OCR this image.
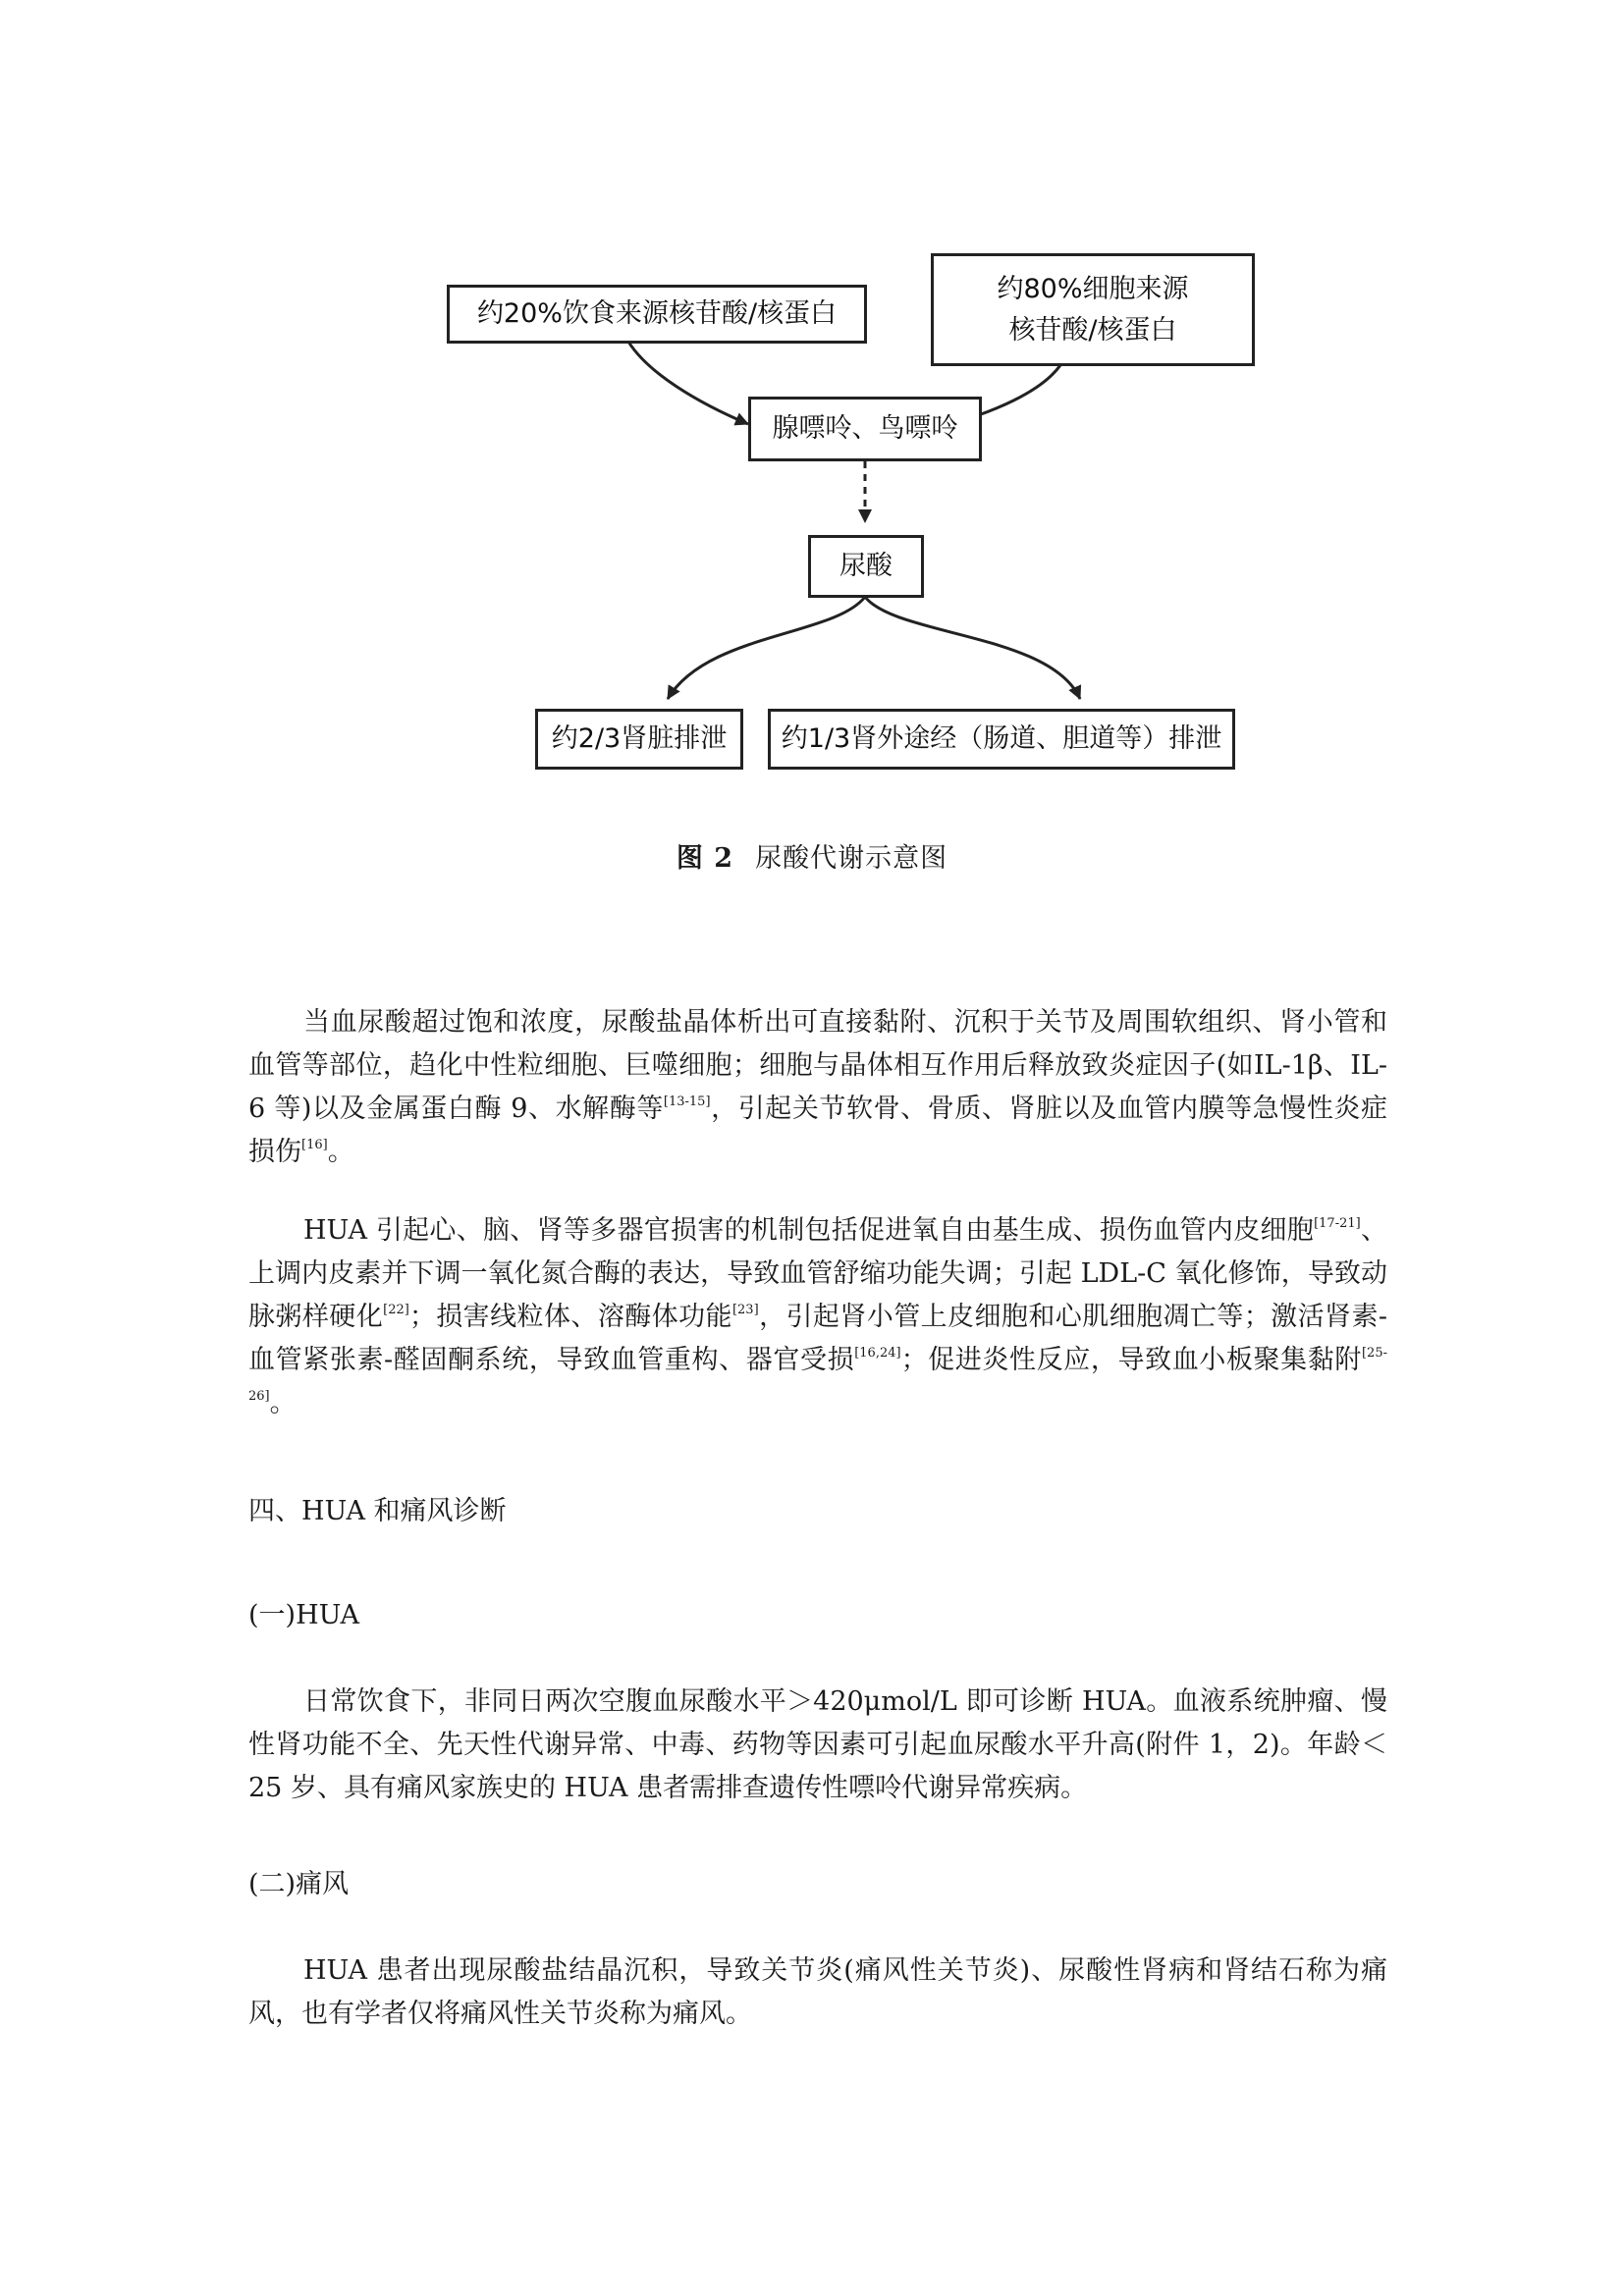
约20%饮食来源核苷酸/核蛋白
约80%细胞来源
核苷酸/核蛋白
腺嘌呤、鸟嘌呤
尿酸
约2/3肾脏排泄 约1/3肾外途经（肠道、胆道等）排泄
图 2 尿酸代谢示意图

当血尿酸超过饱和浓度，尿酸盐晶体析出可直接黏附、沉积于关节及周围软组织、肾小管和血管等部位，趋化中性粒细胞、巨噬细胞；细胞与晶体相互作用后释放致炎症因子(如IL-1β、IL-6 等)以及金属蛋白酶 9、水解酶等[13-15]，引起关节软骨、骨质、肾脏以及血管内膜等急慢性炎症损伤[16]。

HUA 引起心、脑、肾等多器官损害的机制包括促进氧自由基生成、损伤血管内皮细胞[17-21]、上调内皮素并下调一氧化氮合酶的表达，导致血管舒缩功能失调；引起 LDL-C 氧化修饰，导致动脉粥样硬化[22]；损害线粒体、溶酶体功能[23]，引起肾小管上皮细胞和心肌细胞凋亡等；激活肾素-血管紧张素-醛固酮系统，导致血管重构、器官受损[16,24]；促进炎性反应，导致血小板聚集黏附[25-26]。

四、HUA 和痛风诊断
(一)HUA

日常饮食下，非同日两次空腹血尿酸水平＞420μmol/L 即可诊断 HUA。血液系统肿瘤、慢性肾功能不全、先天性代谢异常、中毒、药物等因素可引起血尿酸水平升高(附件 1，2)。年龄＜25 岁、具有痛风家族史的 HUA 患者需排查遗传性嘌呤代谢异常疾病。

(二)痛风

HUA 患者出现尿酸盐结晶沉积，导致关节炎(痛风性关节炎)、尿酸性肾病和肾结石称为痛风，也有学者仅将痛风性关节炎称为痛风。
